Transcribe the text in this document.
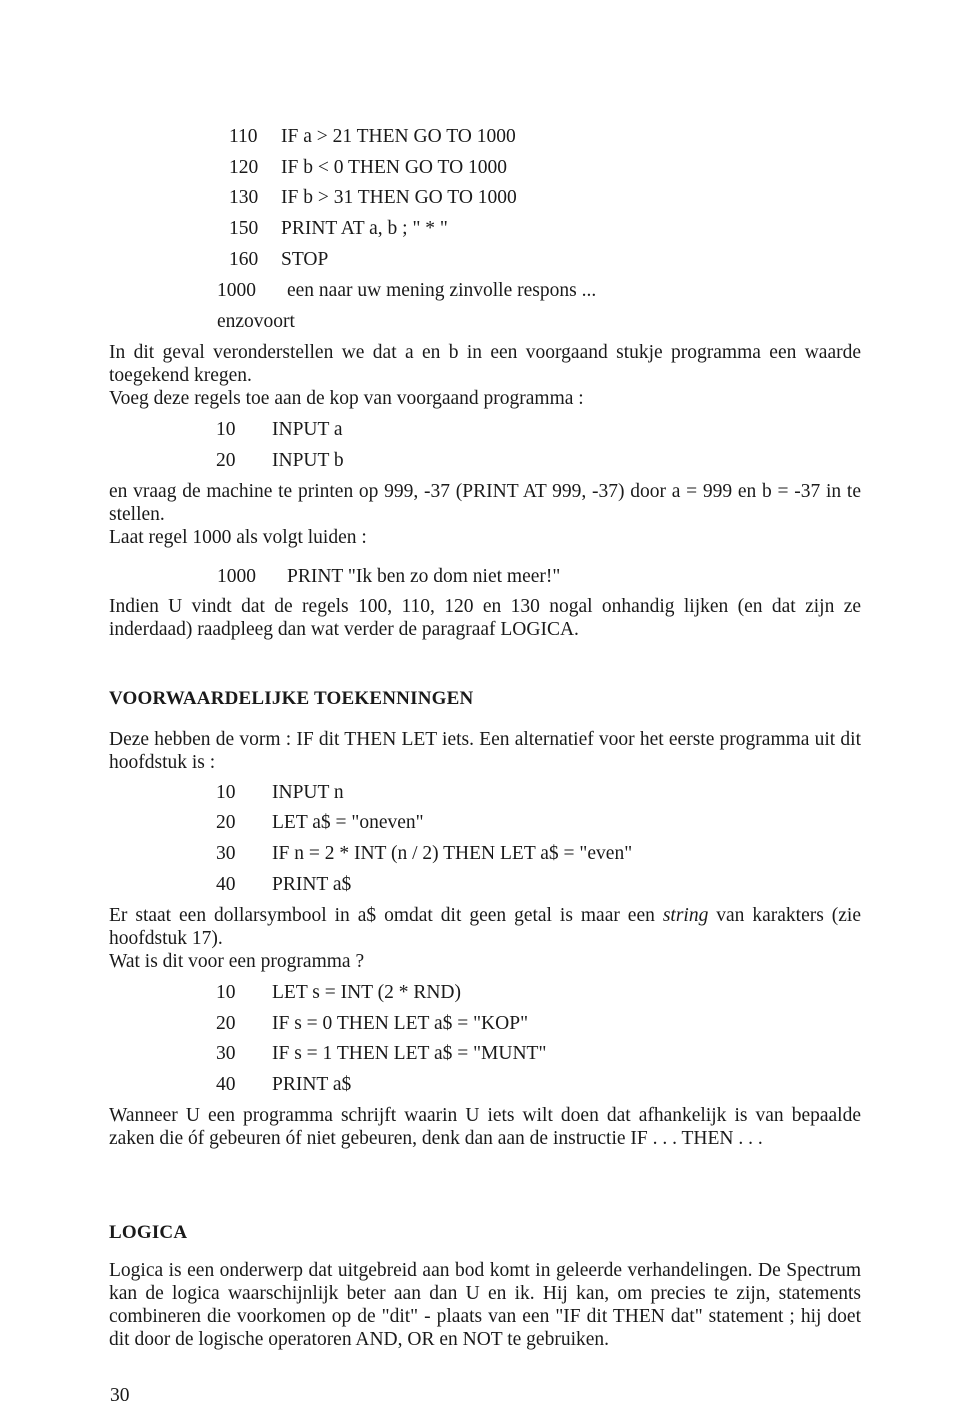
110 IF a > 21 THEN GO TO 1000
120 IF b < 0 THEN GO TO 1000
130 IF b > 31 THEN GO TO 1000
150 PRINT AT a, b ; " * "
160 STOP
1000 een naar uw mening zinvolle respons ...
enzovoort
In dit geval veronderstellen we dat a en b in een voorgaand stukje programma een waarde toegekend kregen.
Voeg deze regels toe aan de kop van voorgaand programma :
10 INPUT a
20 INPUT b
en vraag de machine te printen op 999, -37 (PRINT AT 999, -37) door a = 999 en b = -37 in te stellen.
Laat regel 1000 als volgt luiden :
1000 PRINT "Ik ben zo dom niet meer!"
Indien U vindt dat de regels 100, 110, 120 en 130 nogal onhandig lijken (en dat zijn ze inderdaad) raadpleeg dan wat verder de paragraaf LOGICA.
VOORWAARDELIJKE TOEKENNINGEN
Deze hebben de vorm : IF dit THEN LET iets. Een alternatief voor het eerste programma uit dit hoofdstuk is :
10 INPUT n
20 LET a$ = "oneven"
30 IF n = 2 * INT (n / 2) THEN LET a$ = "even"
40 PRINT a$
Er staat een dollarsymbool in a$ omdat dit geen getal is maar een string van karakters (zie hoofdstuk 17).
Wat is dit voor een programma ?
10 LET s = INT (2 * RND)
20 IF s = 0 THEN LET a$ = "KOP"
30 IF s = 1 THEN LET a$ = "MUNT"
40 PRINT a$
Wanneer U een programma schrijft waarin U iets wilt doen dat afhankelijk is van bepaalde zaken die óf gebeuren óf niet gebeuren, denk dan aan de instructie IF . . . THEN . . .
LOGICA
Logica is een onderwerp dat uitgebreid aan bod komt in geleerde verhandelingen. De Spectrum kan de logica waarschijnlijk beter aan dan U en ik. Hij kan, om precies te zijn, statements combineren die voorkomen op de "dit" - plaats van een "IF dit THEN dat" statement ; hij doet dit door de logische operatoren AND, OR en NOT te gebruiken.
30
